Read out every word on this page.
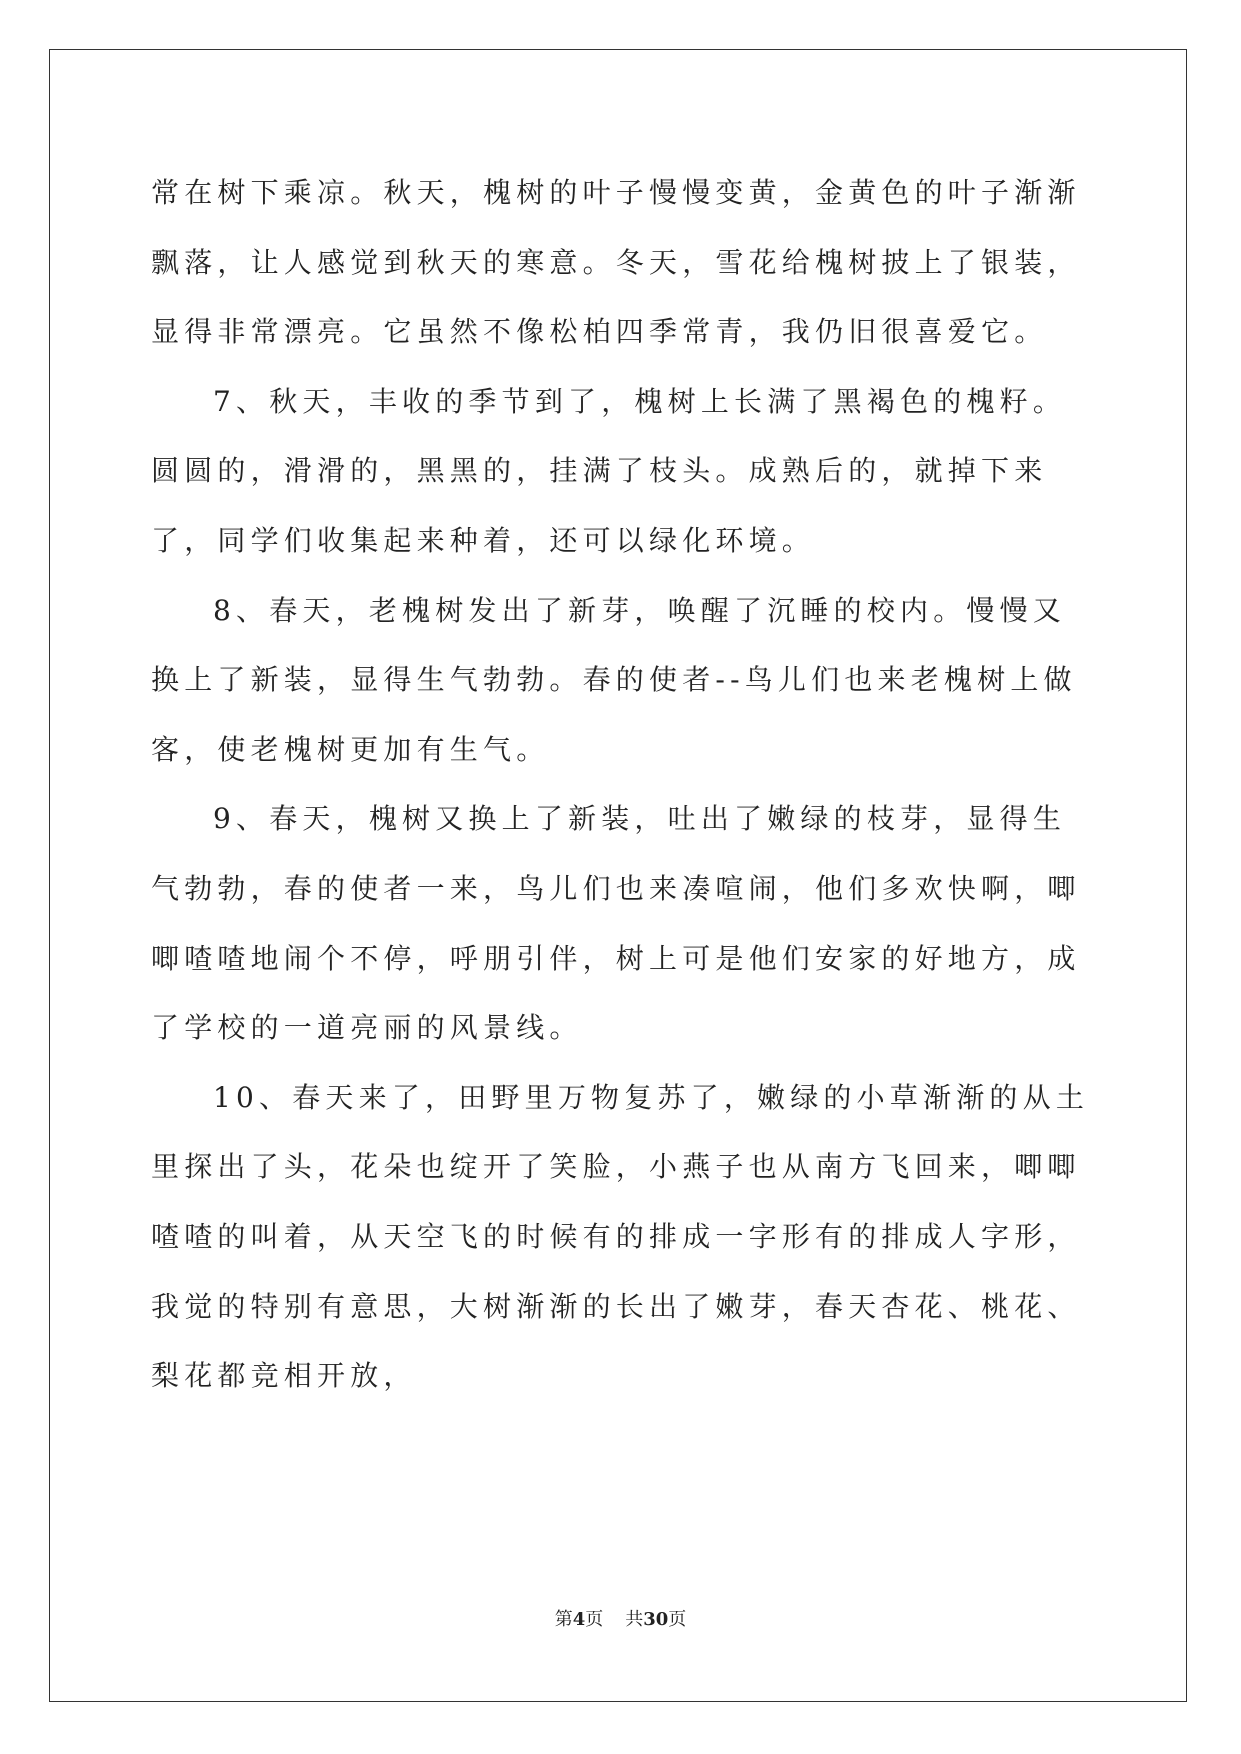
常在树下乘凉。秋天，槐树的叶子慢慢变黄，金黄色的叶子渐渐飘落，让人感觉到秋天的寒意。冬天，雪花给槐树披上了银装，显得非常漂亮。它虽然不像松柏四季常青，我仍旧很喜爱它。

7、秋天，丰收的季节到了，槐树上长满了黑褐色的槐籽。圆圆的，滑滑的，黑黑的，挂满了枝头。成熟后的，就掉下来了，同学们收集起来种着，还可以绿化环境。

8、春天，老槐树发出了新芽，唤醒了沉睡的校内。慢慢又换上了新装，显得生气勃勃。春的使者--鸟儿们也来老槐树上做客，使老槐树更加有生气。

9、春天，槐树又换上了新装，吐出了嫩绿的枝芽，显得生气勃勃，春的使者一来，鸟儿们也来凑喧闹，他们多欢快啊，唧唧喳喳地闹个不停，呼朋引伴，树上可是他们安家的好地方，成了学校的一道亮丽的风景线。

10、春天来了，田野里万物复苏了，嫩绿的小草渐渐的从土里探出了头，花朵也绽开了笑脸，小燕子也从南方飞回来，唧唧喳喳的叫着，从天空飞的时候有的排成一字形有的排成人字形，我觉的特别有意思，大树渐渐的长出了嫩芽，春天杏花、桃花、梨花都竞相开放，

第4页 共30页
